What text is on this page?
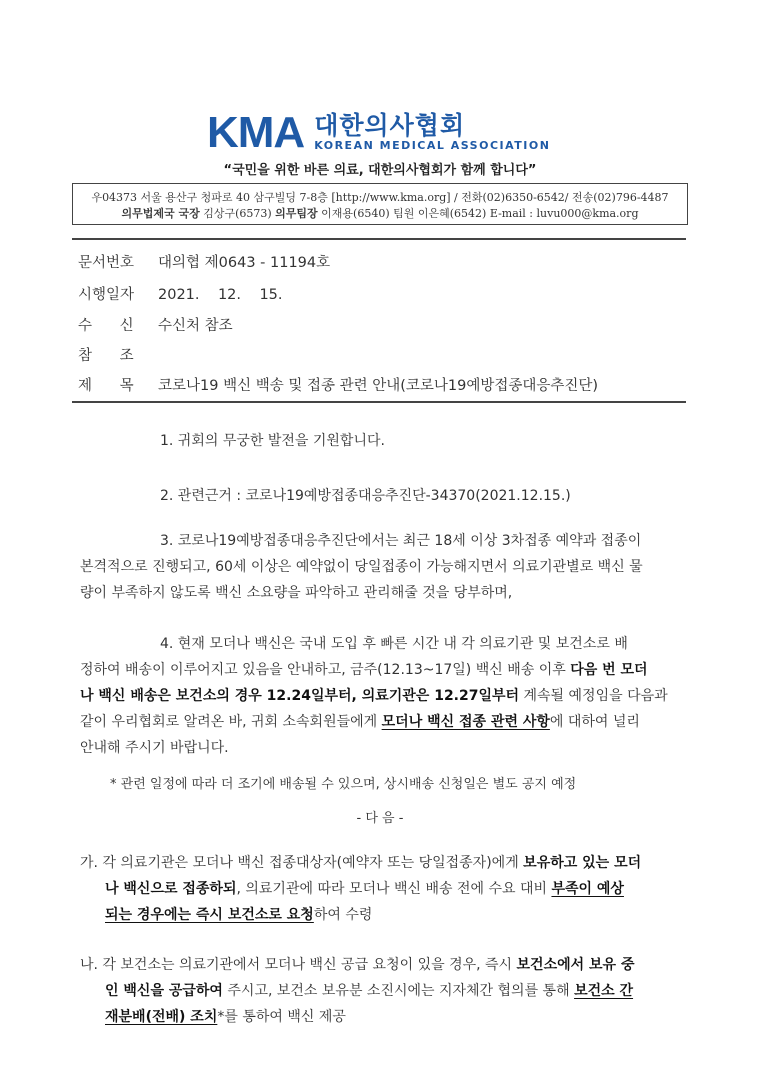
KMA 대한의사협회
KOREAN MEDICAL ASSOCIATION
“국민을 위한 바른 의료, 대한의사협회가 함께 합니다”
우04373 서울 용산구 청파로 40 삼구빌딩 7-8층 [http://www.kma.org] / 전화(02)6350-6542/ 전송(02)796-4487
의무법제국 국장 김상구(6573) 의무팀장 이재용(6540) 팀원 이은혜(6542) E-mail : luvu000@kma.org
문서번호 대의협 제0643 - 11194호
시행일자 2021.    12.    15.
수      신 수신처 참조
참      조
제      목 코로나19 백신 백송 및 접종 관련 안내(코로나19예방접종대응추진단)
1. 귀회의 무궁한 발전을 기원합니다.
2. 관련근거 : 코로나19예방접종대응추진단-34370(2021.12.15.)
3. 코로나19예방접종대응추진단에서는 최근 18세 이상 3차접종 예약과 접종이
본격적으로 진행되고, 60세 이상은 예약없이 당일접종이 가능해지면서 의료기관별로 백신 물
량이 부족하지 않도록 백신 소요량을 파악하고 관리해줄 것을 당부하며,
4. 현재 모더나 백신은 국내 도입 후 빠른 시간 내 각 의료기관 및 보건소로 배
정하여 배송이 이루어지고 있음을 안내하고, 금주(12.13~17일) 백신 배송 이후 다음 번 모더
나 백신 배송은 보건소의 경우 12.24일부터, 의료기관은 12.27일부터 계속될 예정임을 다음과
같이 우리협회로 알려온 바, 귀회 소속회원들에게 모더나 백신 접종 관련 사항에 대하여 널리
안내해 주시기 바랍니다.
* 관련 일정에 따라 더 조기에 배송될 수 있으며, 상시배송 신청일은 별도 공지 예정
- 다 음 -
가. 각 의료기관은 모더나 백신 접종대상자(예약자 또는 당일접종자)에게 보유하고 있는 모더
나 백신으로 접종하되, 의료기관에 따라 모더나 백신 배송 전에 수요 대비 부족이 예상
되는 경우에는 즉시 보건소로 요청하여 수령
나. 각 보건소는 의료기관에서 모더나 백신 공급 요청이 있을 경우, 즉시 보건소에서 보유 중
인 백신을 공급하여 주시고, 보건소 보유분 소진시에는 지자체간 협의를 통해 보건소 간
재분배(전배) 조치*를 통하여 백신 제공
